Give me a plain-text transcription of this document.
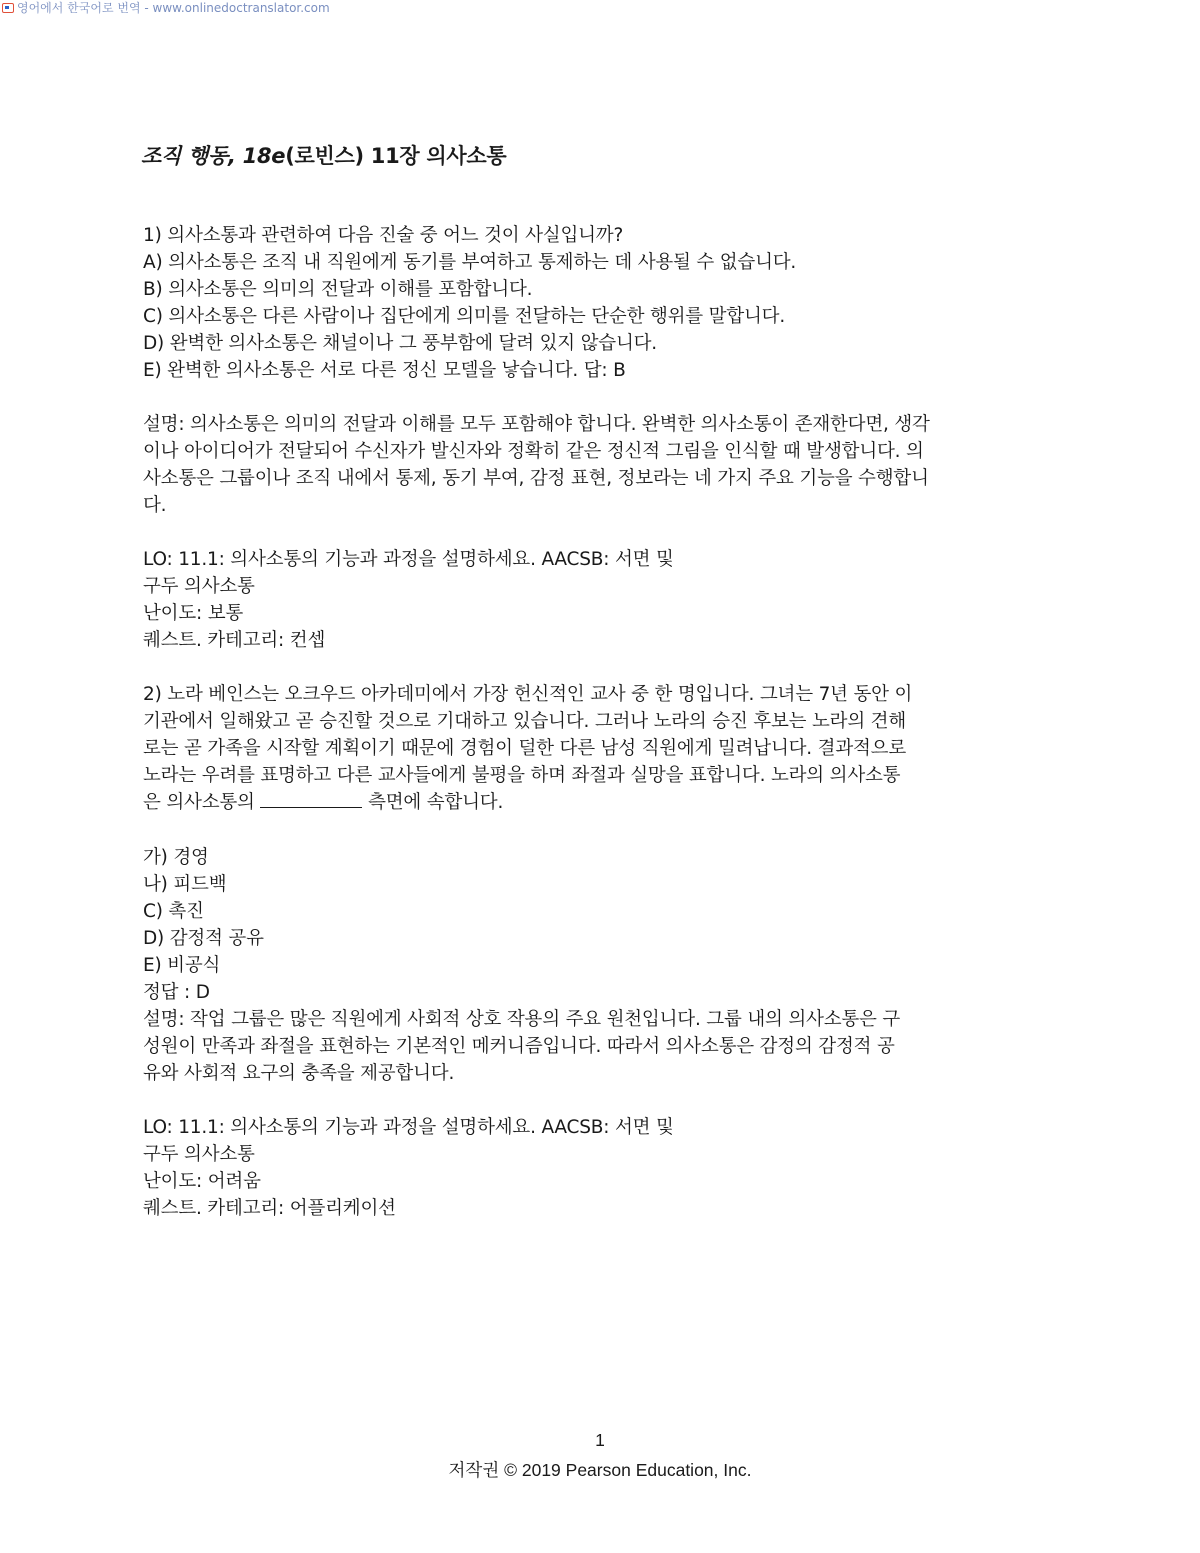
영어에서 한국어로 번역 - www.onlinedoctranslator.com
조직 행동, 18e(로빈스) 11장 의사소통
1) 의사소통과 관련하여 다음 진술 중 어느 것이 사실입니까?
A) 의사소통은 조직 내 직원에게 동기를 부여하고 통제하는 데 사용될 수 없습니다.
B) 의사소통은 의미의 전달과 이해를 포함합니다.
C) 의사소통은 다른 사람이나 집단에게 의미를 전달하는 단순한 행위를 말합니다.
D) 완벽한 의사소통은 채널이나 그 풍부함에 달려 있지 않습니다.
E) 완벽한 의사소통은 서로 다른 정신 모델을 낳습니다. 답: B
설명: 의사소통은 의미의 전달과 이해를 모두 포함해야 합니다. 완벽한 의사소통이 존재한다면, 생각
이나 아이디어가 전달되어 수신자가 발신자와 정확히 같은 정신적 그림을 인식할 때 발생합니다. 의
사소통은 그룹이나 조직 내에서 통제, 동기 부여, 감정 표현, 정보라는 네 가지 주요 기능을 수행합니
다.
LO: 11.1: 의사소통의 기능과 과정을 설명하세요. AACSB: 서면 및
구두 의사소통
난이도: 보통
퀘스트. 카테고리: 컨셉
2) 노라 베인스는 오크우드 아카데미에서 가장 헌신적인 교사 중 한 명입니다. 그녀는 7년 동안 이
기관에서 일해왔고 곧 승진할 것으로 기대하고 있습니다. 그러나 노라의 승진 후보는 노라의 견해
로는 곧 가족을 시작할 계획이기 때문에 경험이 덜한 다른 남성 직원에게 밀려납니다. 결과적으로
노라는 우려를 표명하고 다른 교사들에게 불평을 하며 좌절과 실망을 표합니다. 노라의 의사소통
은 의사소통의	측면에 속합니다.
가) 경영
나) 피드백
C) 촉진
D) 감정적 공유
E) 비공식
정답 : D
설명: 작업 그룹은 많은 직원에게 사회적 상호 작용의 주요 원천입니다. 그룹 내의 의사소통은 구
성원이 만족과 좌절을 표현하는 기본적인 메커니즘입니다. 따라서 의사소통은 감정의 감정적 공
유와 사회적 요구의 충족을 제공합니다.
LO: 11.1: 의사소통의 기능과 과정을 설명하세요. AACSB: 서면 및
구두 의사소통
난이도: 어려움
퀘스트. 카테고리: 어플리케이션
1
저작권 © 2019 Pearson Education, Inc.
